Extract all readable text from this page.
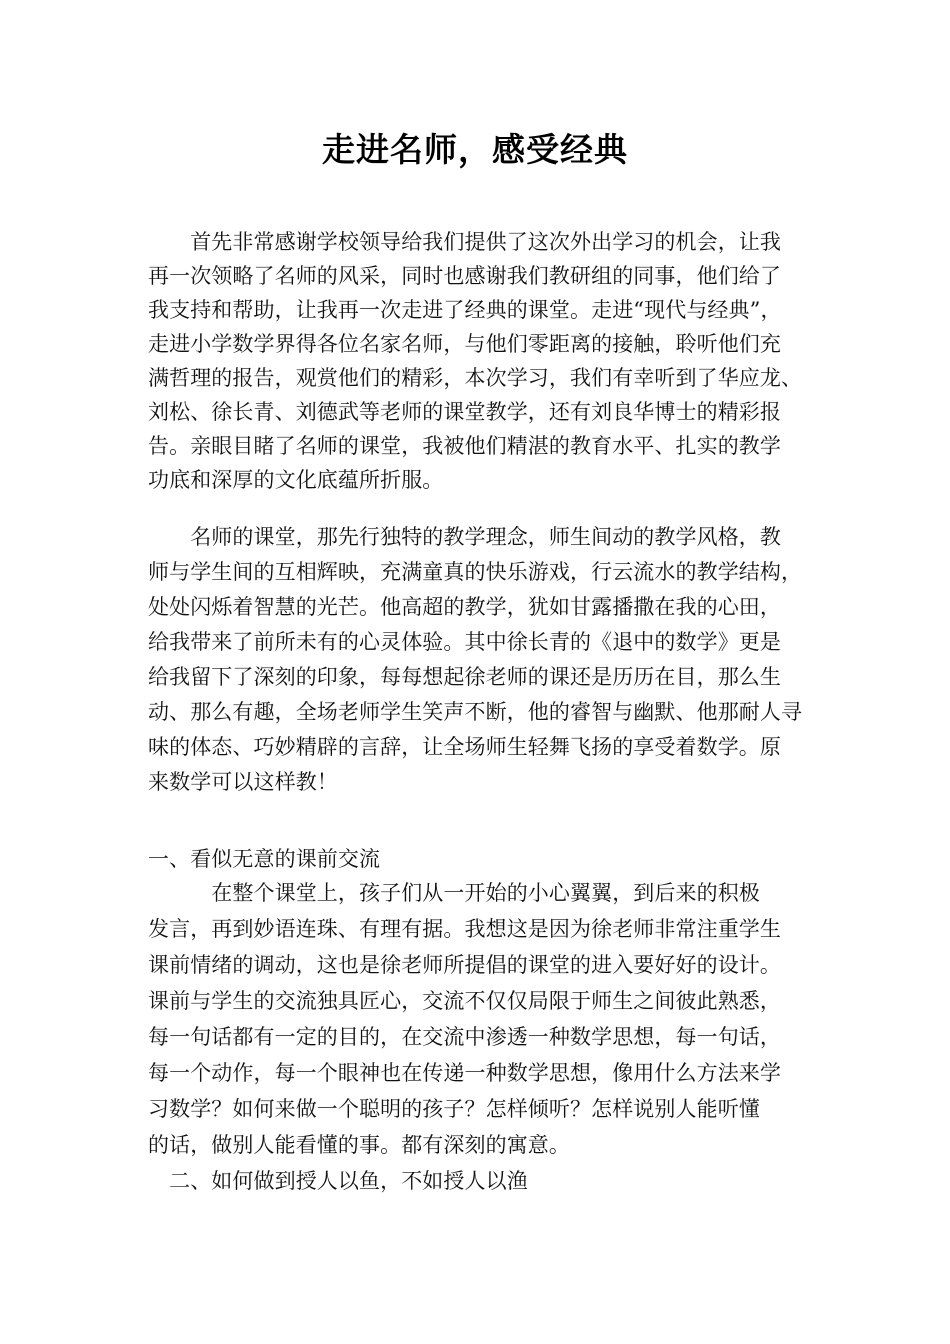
走进名师，感受经典
　　首先非常感谢学校领导给我们提供了这次外出学习的机会，让我
再一次领略了名师的风采，同时也感谢我们教研组的同事，他们给了
我支持和帮助，让我再一次走进了经典的课堂。走进“现代与经典”，
走进小学数学界得各位名家名师，与他们零距离的接触，聆听他们充
满哲理的报告，观赏他们的精彩，本次学习，我们有幸听到了华应龙、
刘松、徐长青、刘德武等老师的课堂教学，还有刘良华博士的精彩报
告。亲眼目睹了名师的课堂，我被他们精湛的教育水平、扎实的教学
功底和深厚的文化底蕴所折服。
　　名师的课堂，那先行独特的教学理念，师生间动的教学风格，教
师与学生间的互相辉映，充满童真的快乐游戏，行云流水的教学结构，
处处闪烁着智慧的光芒。他高超的教学，犹如甘露播撒在我的心田，
给我带来了前所未有的心灵体验。其中徐长青的《退中的数学》更是
给我留下了深刻的印象，每每想起徐老师的课还是历历在目，那么生
动、那么有趣，全场老师学生笑声不断，他的睿智与幽默、他那耐人寻
味的体态、巧妙精辟的言辞，让全场师生轻舞飞扬的享受着数学。原
来数学可以这样教！
一、看似无意的课前交流
　　　在整个课堂上，孩子们从一开始的小心翼翼，到后来的积极
发言，再到妙语连珠、有理有据。我想这是因为徐老师非常注重学生
课前情绪的调动，这也是徐老师所提倡的课堂的进入要好好的设计。
课前与学生的交流独具匠心，交流不仅仅局限于师生之间彼此熟悉，
每一句话都有一定的目的，在交流中渗透一种数学思想，每一句话，
每一个动作，每一个眼神也在传递一种数学思想，像用什么方法来学
习数学？如何来做一个聪明的孩子？怎样倾听？怎样说别人能听懂
的话，做别人能看懂的事。都有深刻的寓意。
　二、如何做到授人以鱼，不如授人以渔
